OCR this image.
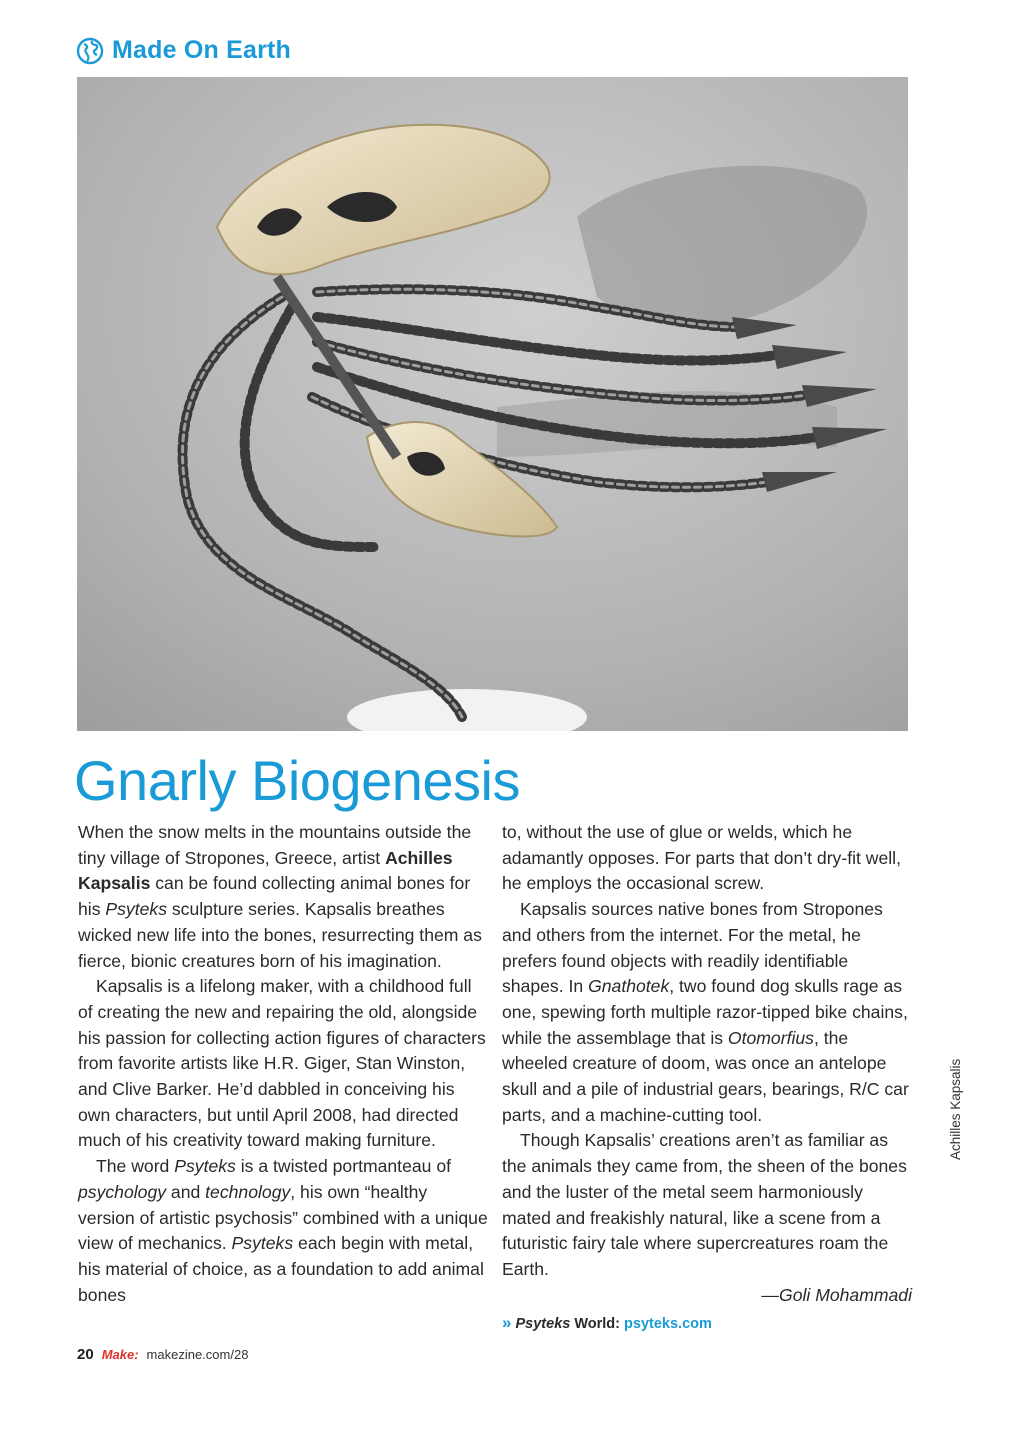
Made On Earth
Gnarly Biogenesis

When the snow melts in the mountains outside the tiny village of Stropones, Greece, artist Achilles Kapsalis can be found collecting animal bones for his Psyteks sculpture series. Kapsalis breathes wicked new life into the bones, resurrecting them as fierce, bionic creatures born of his imagination.

Kapsalis is a lifelong maker, with a childhood full of creating the new and repairing the old, alongside his passion for collecting action figures of characters from favorite artists like H.R. Giger, Stan Winston, and Clive Barker. He’d dabbled in conceiving his own characters, but until April 2008, had directed much of his creativity toward making furniture.

The word Psyteks is a twisted portmanteau of psychology and technology, his own “healthy version of artistic psychosis” combined with a unique view of mechanics. Psyteks each begin with metal, his material of choice, as a foundation to add animal bones

to, without the use of glue or welds, which he adamantly opposes. For parts that don’t dry-fit well, he employs the occasional screw.

Kapsalis sources native bones from Stropones and others from the internet. For the metal, he prefers found objects with readily identifiable shapes. In Gnathotek, two found dog skulls rage as one, spewing forth multiple razor-tipped bike chains, while the assemblage that is Otomorfius, the wheeled creature of doom, was once an antelope skull and a pile of industrial gears, bearings, R/C car parts, and a machine-cutting tool.

Though Kapsalis’ creations aren’t as familiar as the animals they came from, the sheen of the bones and the luster of the metal seem harmoniously mated and freakishly natural, like a scene from a futuristic fairy tale where supercreatures roam the Earth.

—Goli Mohammadi

» Psyteks World: psyteks.com
Achilles Kapsalis
20 Make: makezine.com/28
